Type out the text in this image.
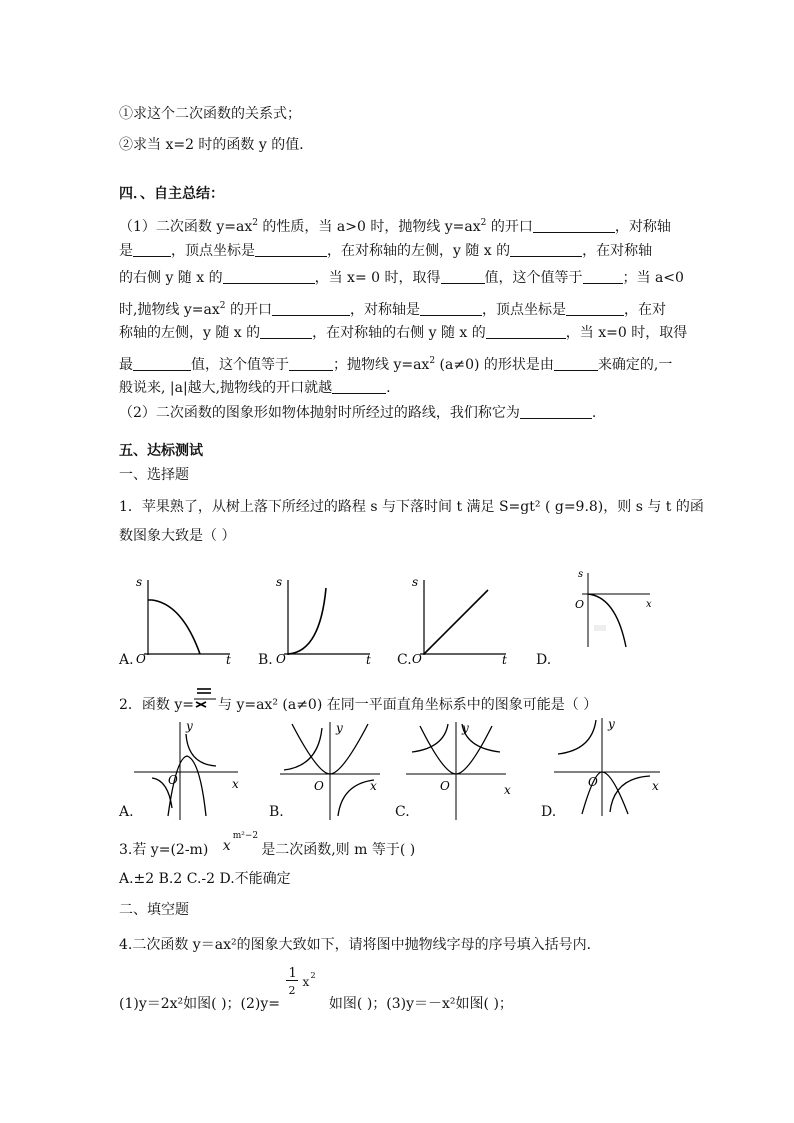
①求这个二次函数的关系式；
②求当 x=2 时的函数 y 的值．
四．、自主总结：
（1）二次函数 $y=ax^2$ 的性质，当 a>0 时，抛物线 $y=ax^2$ 的开口	，对称轴
是	，顶点坐标是	，在对称轴的左侧，y 随 x 的	，在对称轴
的右侧 y 随 x 的	，当 x= 0 时，取得	值，这个值等于	；当 a<0
时,抛物线 $y=ax^2$ 的开口	，对称轴是	，顶点坐标是	，在对
称轴的左侧，y 随 x 的	，在对称轴的右侧 y 随 x 的	，当 x=0 时，取得
最	值，这个值等于	；抛物线 $y=ax^2$ (a≠0) 的形状是由	来确定的,一
般说来, |a|越大,抛物线的开口就越	.
（2）二次函数的图象形如物体抛射时所经过的路线，我们称它为	.
五、达标测试
一、选择题
1．苹果熟了，从树上落下所经过的路程 s 与下落时间 t 满足 S=gt² ( g=9.8)，则 s 与 t 的函
数图象大致是（ ）
A.
s
t
O	B.
s
t
O	C.
s
t
O	D.
s
x
O
2．函数 y= 与 y=ax² (a≠0) 在同一平面直角坐标系中的图象可能是（ ）
A.
y
x
O
B.
y
x
O
C.
y
x
O
D.
y
x
O
3.若 y=(2-m) x
m²−2
是二次函数,则 m 等于( )
A.±2 B.2 C.-2 D.不能确定
二、填空题
4.二次函数 y＝ax²的图象大致如下，请将图中抛物线字母的序号填入括号内．
(1)y＝2x²如图( )；(2)y=
1
2
x 2
如图( )；(3)y＝－x²如图( )；
